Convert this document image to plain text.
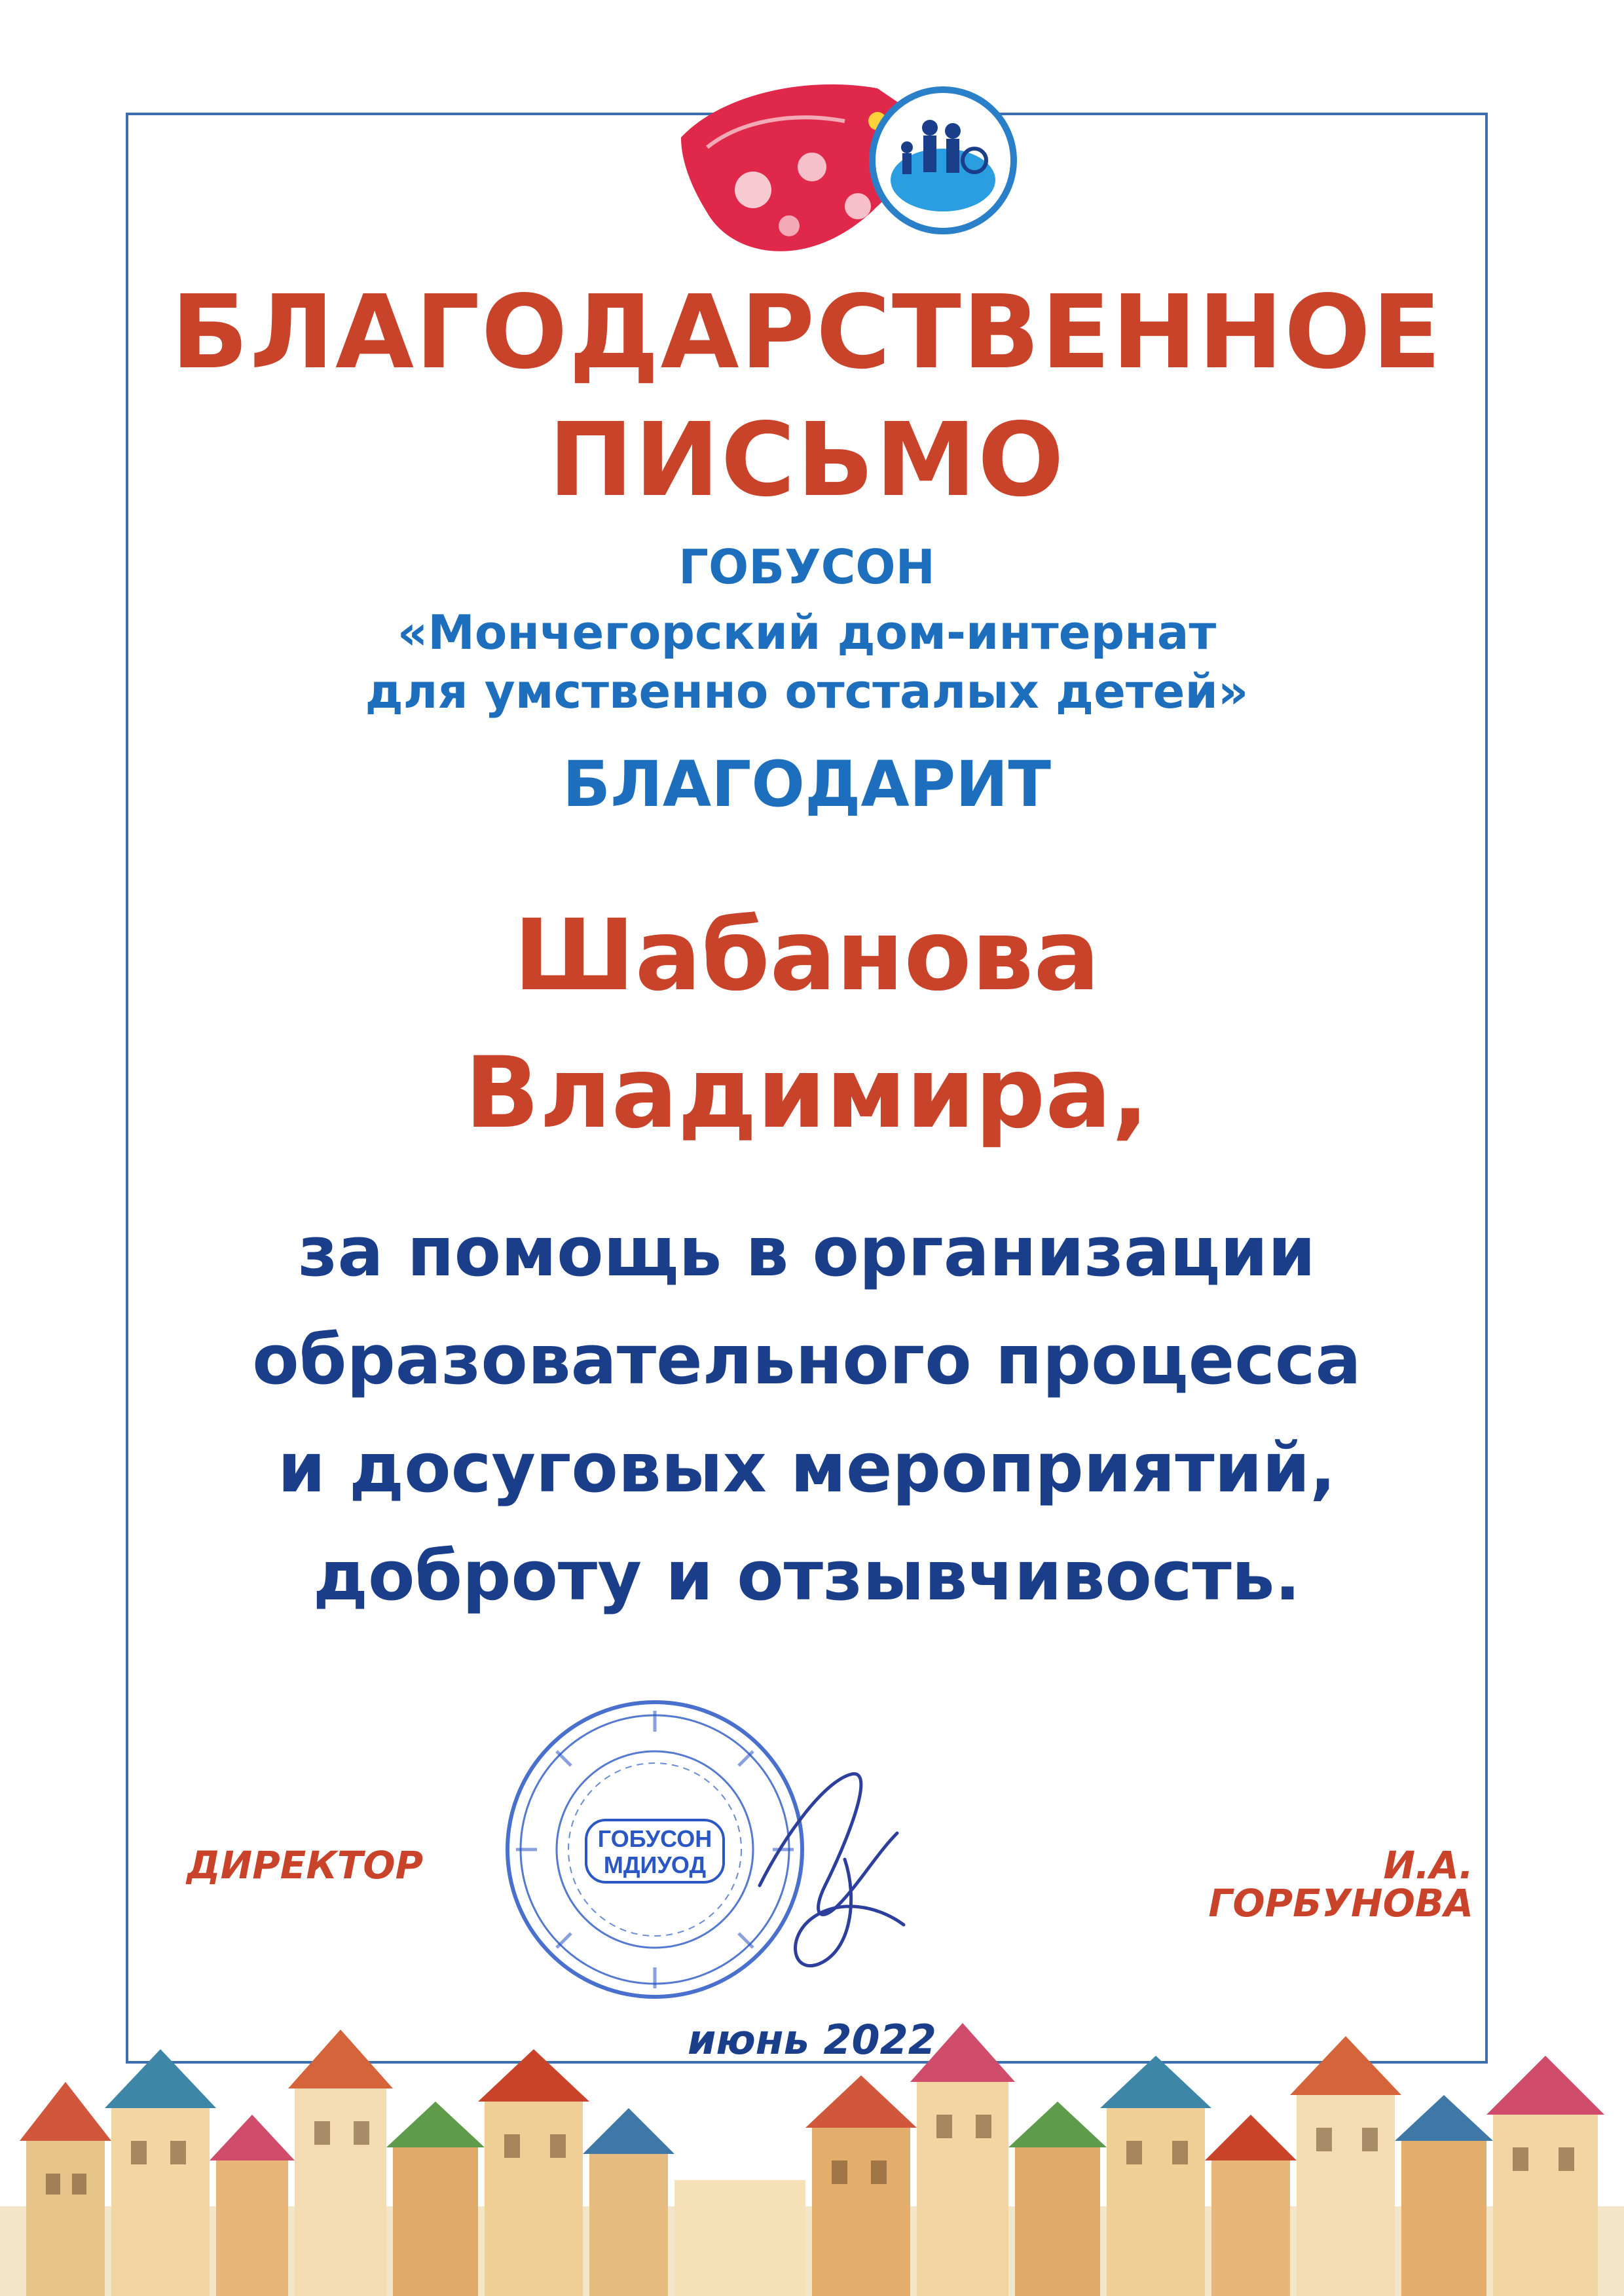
БЛАГОДАРСТВЕННОЕ
ПИСЬМО
ГОБУСОН
«Мончегорский дом-интернат
для умственно отсталых детей»
БЛАГОДАРИТ
Шабанова
Владимира,
за помощь в организации
образовательного процесса
и досуговых мероприятий,
доброту и отзывчивость.
ГОБУСОН
МДИУОД
ДИРЕКТОР	И.А. ГОРБУНОВА
июнь 2022
